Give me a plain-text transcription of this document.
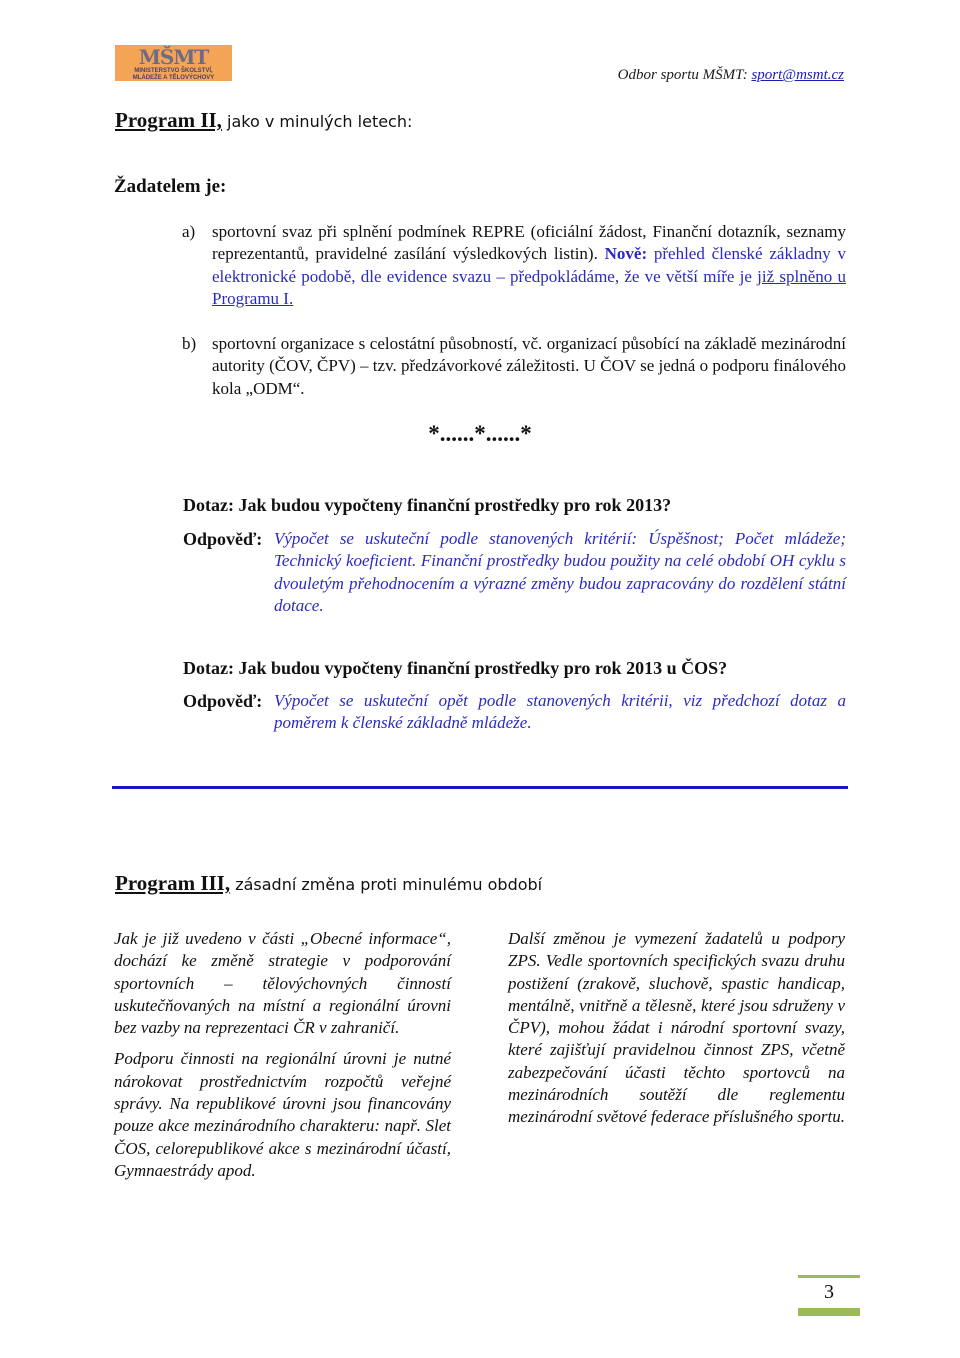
MŠMT
MINISTERSTVO ŠKOLSTVÍ,
MLÁDEŽE A TĚLOVÝCHOVY	Odbor sportu MŠMT: sport@msmt.cz
Program II, jako v minulých letech:
Žadatelem je:
a) sportovní svaz při splnění podmínek REPRE (oficiální žádost, Finanční dotazník, seznamy reprezentantů, pravidelné zasílání výsledkových listin). Nově: přehled členské základny v elektronické podobě, dle evidence svazu – předpokládáme, že ve větší míře je již splněno u Programu I.
b) sportovní organizace s celostátní působností, vč. organizací působící na základě mezinárodní autority (ČOV, ČPV) – tzv. předzávorkové záležitosti. U ČOV se jedná o podporu finálového kola „ODM“.
*......*......*
Dotaz: Jak budou vypočteny finanční prostředky pro rok 2013?
Odpověď: Výpočet se uskuteční podle stanovených kritérií: Úspěšnost; Počet mládeže; Technický koeficient. Finanční prostředky budou použity na celé období OH cyklu s dvouletým přehodnocením a výrazné změny budou zapracovány do rozdělení státní dotace.
Dotaz: Jak budou vypočteny finanční prostředky pro rok 2013 u ČOS?
Odpověď: Výpočet se uskuteční opět podle stanovených kritérii, viz předchozí dotaz a poměrem k členské základně mládeže.
Program III, zásadní změna proti minulému období

Jak je již uvedeno v části „Obecné informace“, dochází ke změně strategie v podporování sportovních – tělovýchovných činností uskutečňovaných na místní a regionální úrovni bez vazby na reprezentaci ČR v zahraničí.

Podporu činnosti na regionální úrovni je nutné nárokovat prostřednictvím rozpočtů veřejné správy. Na republikové úrovni jsou financovány pouze akce mezinárodního charakteru: např. Slet ČOS, celorepublikové akce s mezinárodní účastí, Gymnaestrády apod.

Další změnou je vymezení žadatelů u podpory ZPS. Vedle sportovních specifických svazu druhu postižení (zrakově, sluchově, spastic handicap, mentálně, vnitřně a tělesně, které jsou sdruženy v ČPV), mohou žádat i národní sportovní svazy, které zajišťují pravidelnou činnost ZPS, včetně zabezpečování účasti těchto sportovců na mezinárodních soutěží dle reglementu mezinárodní světové federace příslušného sportu.

3
